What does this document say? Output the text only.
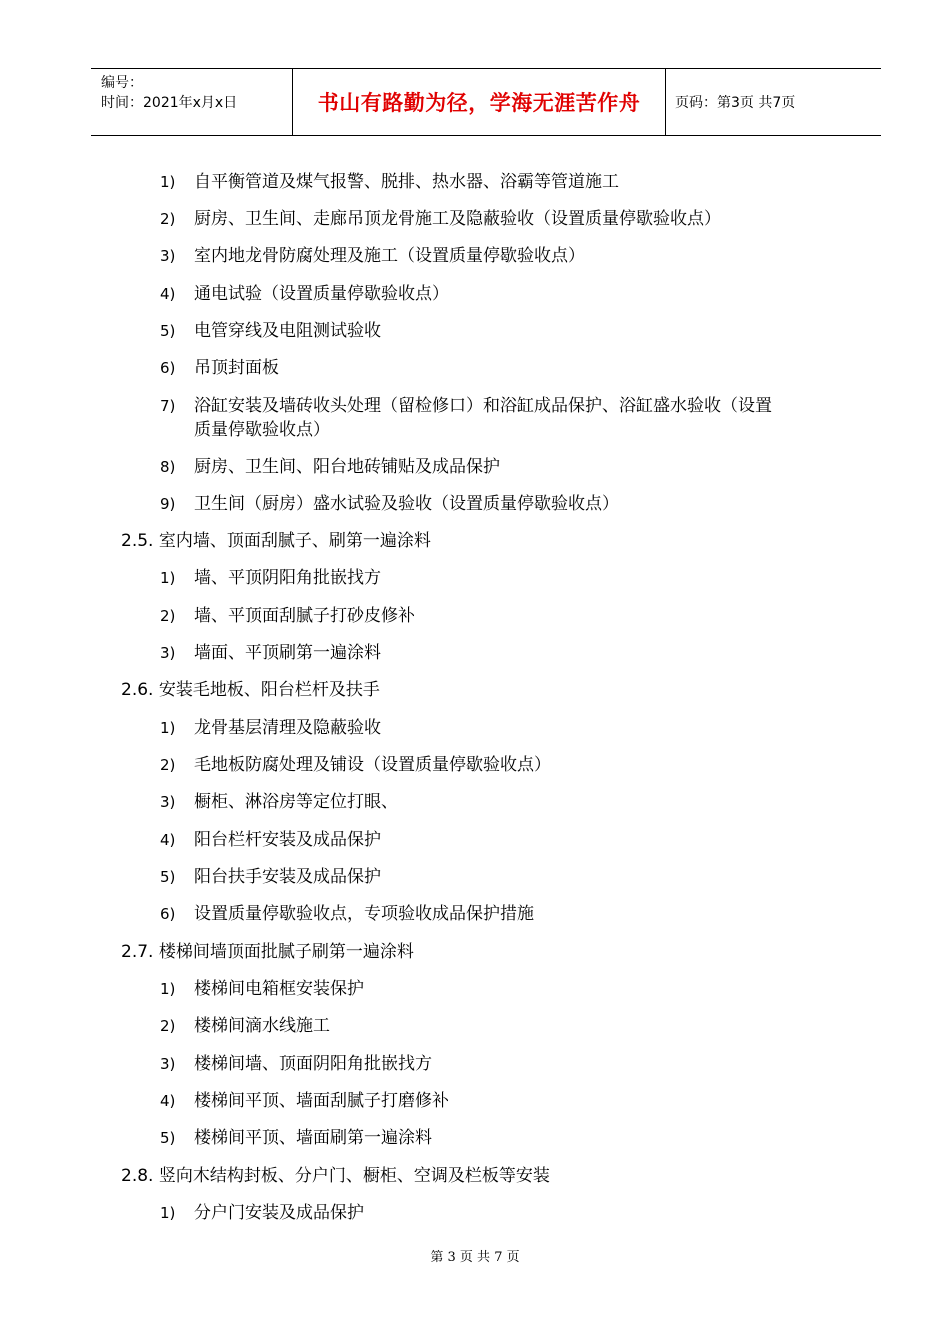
编号：
时间：2021年x月x日	书山有路勤为径，学海无涯苦作舟	页码：第3页 共7页
1)	自平衡管道及煤气报警、脱排、热水器、浴霸等管道施工
2)	厨房、卫生间、走廊吊顶龙骨施工及隐蔽验收（设置质量停歇验收点）
3)	室内地龙骨防腐处理及施工（设置质量停歇验收点）
4)	通电试验（设置质量停歇验收点）
5)	电管穿线及电阻测试验收
6)	吊顶封面板
7)	浴缸安装及墙砖收头处理（留检修口）和浴缸成品保护、浴缸盛水验收（设置
质量停歇验收点）
8)	厨房、卫生间、阳台地砖铺贴及成品保护
9)	卫生间（厨房）盛水试验及验收（设置质量停歇验收点）
2.5. 室内墙、顶面刮腻子、刷第一遍涂料
1)	墙、平顶阴阳角批嵌找方
2)	墙、平顶面刮腻子打砂皮修补
3)	墙面、平顶刷第一遍涂料
2.6. 安装毛地板、阳台栏杆及扶手
1)	龙骨基层清理及隐蔽验收
2)	毛地板防腐处理及铺设（设置质量停歇验收点）
3)	橱柜、淋浴房等定位打眼、
4)	阳台栏杆安装及成品保护
5)	阳台扶手安装及成品保护
6)	设置质量停歇验收点，专项验收成品保护措施
2.7. 楼梯间墙顶面批腻子刷第一遍涂料
1)	楼梯间电箱框安装保护
2)	楼梯间滴水线施工
3)	楼梯间墙、顶面阴阳角批嵌找方
4)	楼梯间平顶、墙面刮腻子打磨修补
5)	楼梯间平顶、墙面刷第一遍涂料
2.8. 竖向木结构封板、分户门、橱柜、空调及栏板等安装
1)	分户门安装及成品保护
第 3 页 共 7 页
